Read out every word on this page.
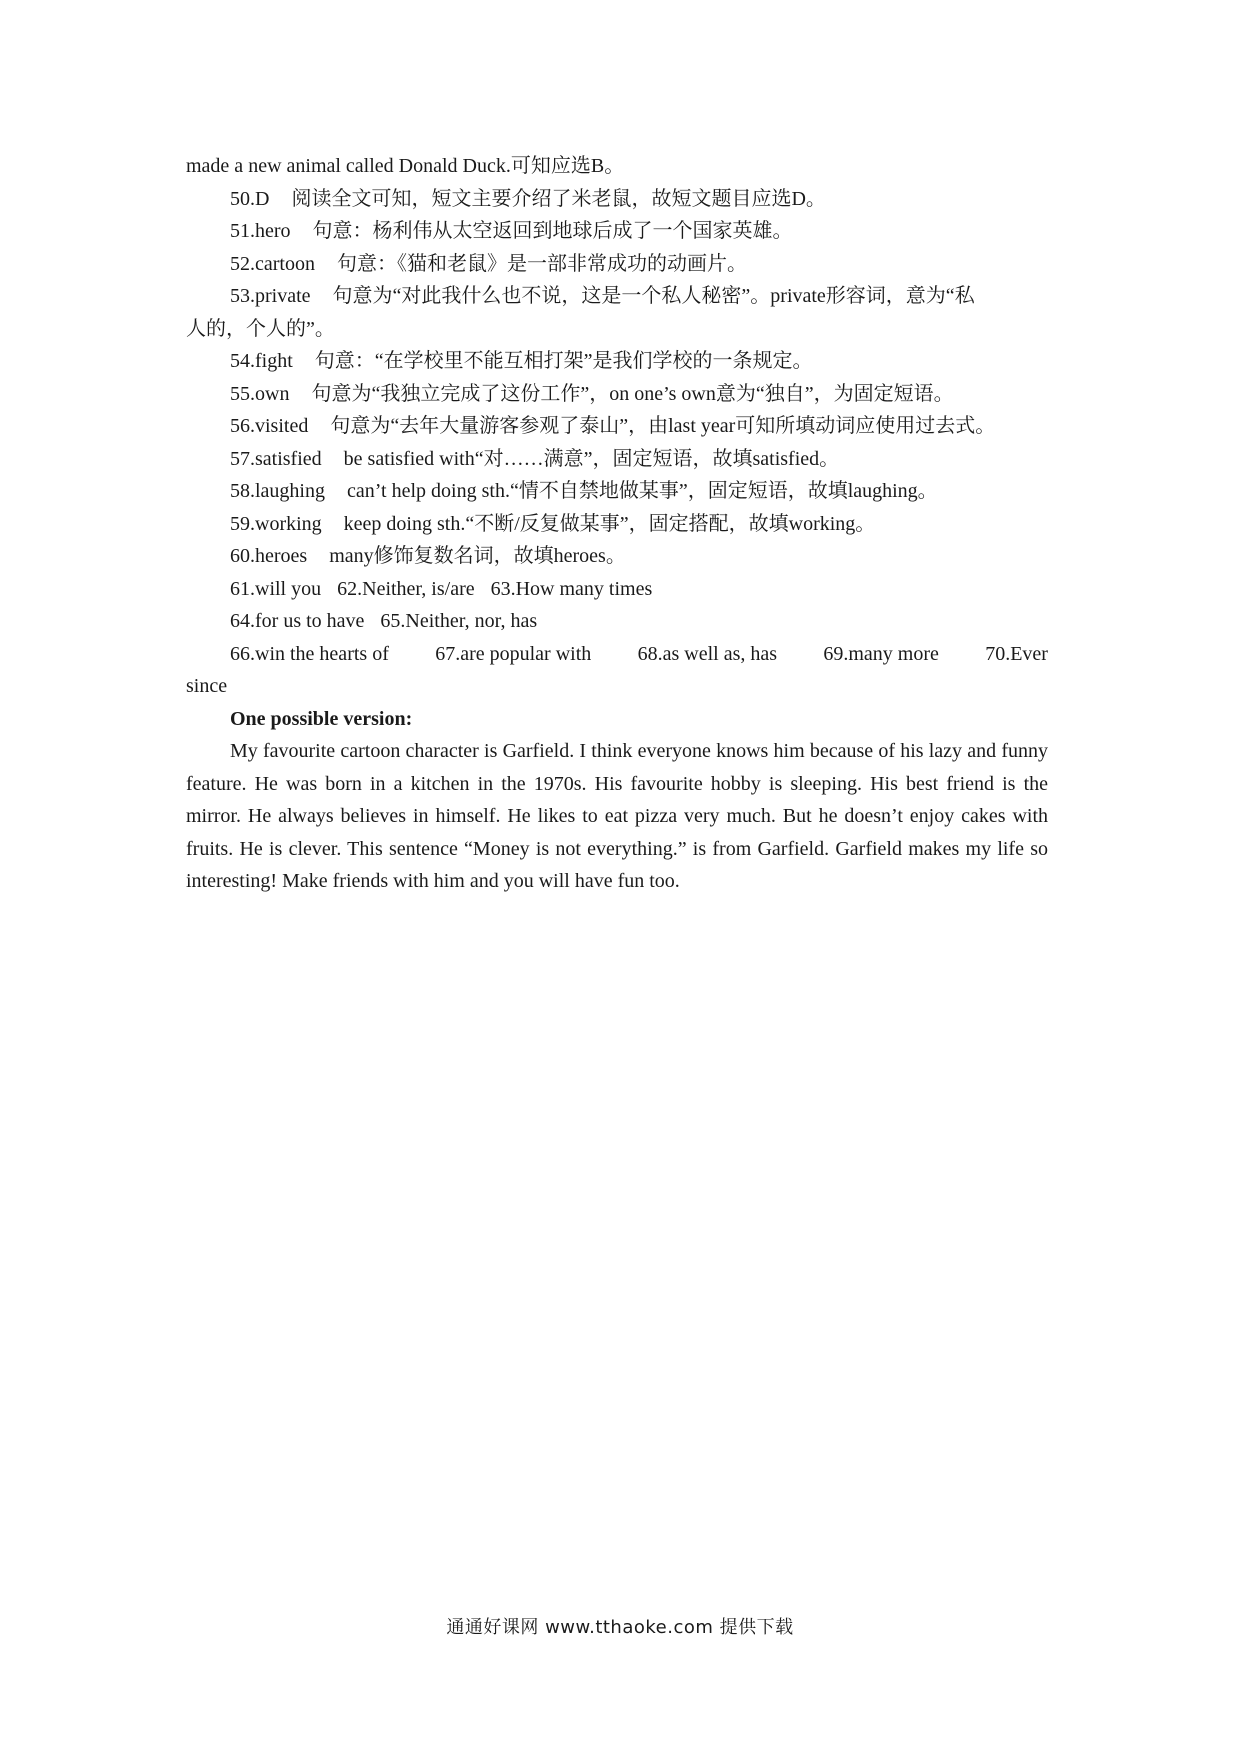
made a new animal called Donald Duck.可知应选B。
50.D 阅读全文可知，短文主要介绍了米老鼠，故短文题目应选D。
51.hero 句意：杨利伟从太空返回到地球后成了一个国家英雄。
52.cartoon 句意：《猫和老鼠》是一部非常成功的动画片。
53.private 句意为“对此我什么也不说，这是一个私人秘密”。private形容词，意为“私
人的，个人的”。
54.fight 句意：“在学校里不能互相打架”是我们学校的一条规定。
55.own 句意为“我独立完成了这份工作”，on one’s own意为“独自”，为固定短语。
56.visited 句意为“去年大量游客参观了泰山”，由last year可知所填动词应使用过去式。
57.satisfied be satisfied with“对……满意”，固定短语，故填satisfied。
58.laughing can’t help doing sth.“情不自禁地做某事”，固定短语，故填laughing。
59.working keep doing sth.“不断/反复做某事”，固定搭配，故填working。
60.heroes many修饰复数名词，故填heroes。
61.will you 62.Neither, is/are 63.How many times
64.for us to have 65.Neither, nor, has
66.win the hearts of 67.are popular with 68.as well as, has 69.many more 70.Ever
since
One possible version:
My favourite cartoon character is Garfield. I think everyone knows him because of his lazy and funny feature. He was born in a kitchen in the 1970s. His favourite hobby is sleeping. His best friend is the mirror. He always believes in himself. He likes to eat pizza very much. But he doesn’t enjoy cakes with fruits. He is clever. This sentence “Money is not everything.” is from Garfield. Garfield makes my life so interesting! Make friends with him and you will have fun too.
通通好课网 www.tthaoke.com 提供下载
